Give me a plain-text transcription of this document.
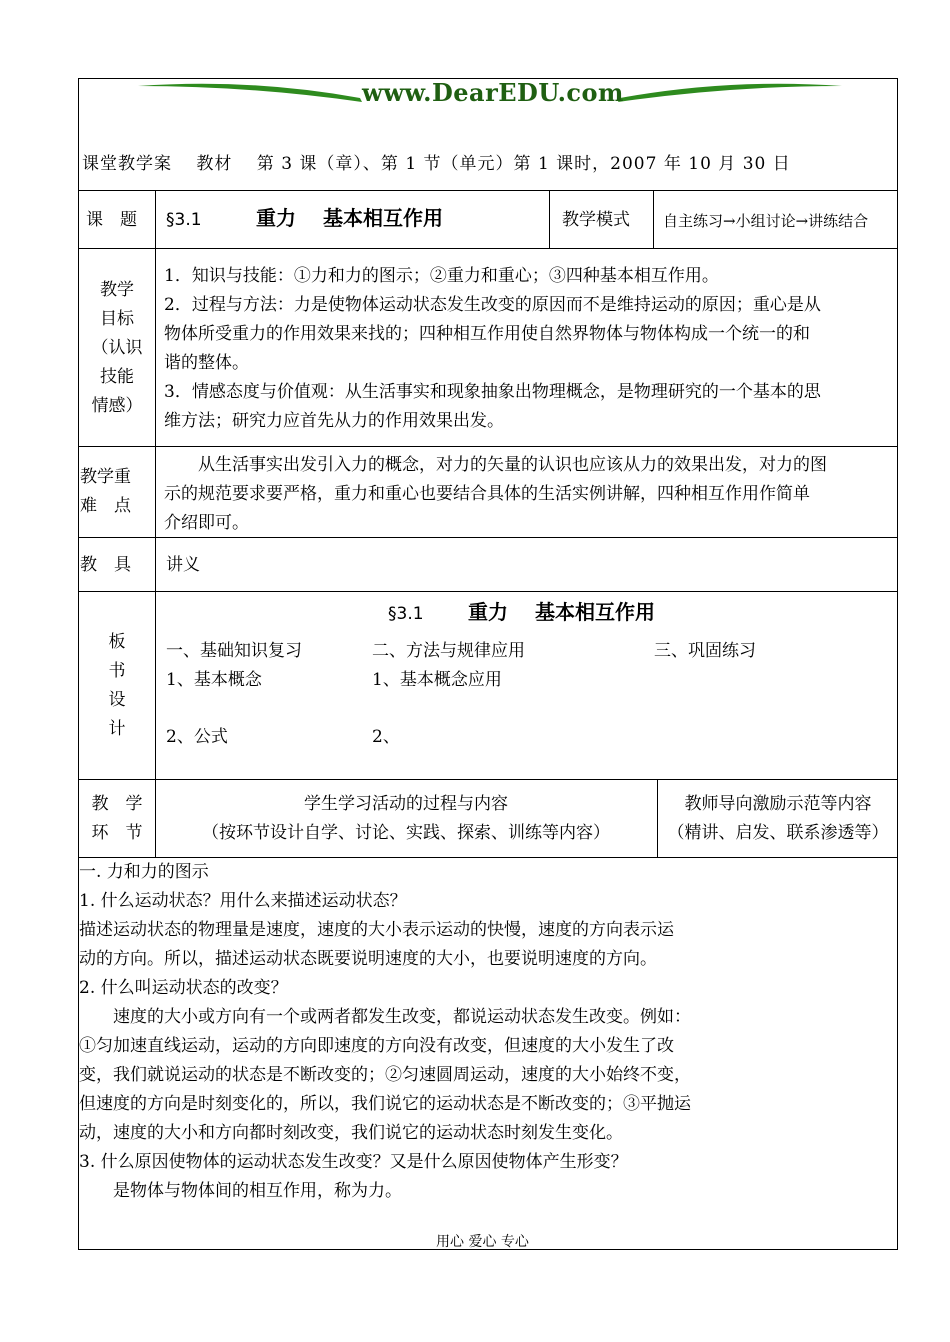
www.DearEDU.com
课堂教学案　 教材　 第 3 课（章）、第 1 节（单元）第 1 课时，2007 年 10 月 30 日
课　题 §3.1	重力　 基本相互作用	教学模式 自主练习→小组讨论→讲练结合
教学
目标
（认识
技能
情感）
1．知识与技能：①力和力的图示；②重力和重心；③四种基本相互作用。
2．过程与方法：力是使物体运动状态发生改变的原因而不是维持运动的原因；重心是从
物体所受重力的作用效果来找的；四种相互作用使自然界物体与物体构成一个统一的和
谐的整体。
3．情感态度与价值观：从生活事实和现象抽象出物理概念，是物理研究的一个基本的思
维方法；研究力应首先从力的作用效果出发。
教学重
难　点
　　从生活事实出发引入力的概念，对力的矢量的认识也应该从力的效果出发，对力的图
示的规范要求要严格，重力和重心也要结合具体的生活实例讲解，四种相互作用作简单
介绍即可。
教　具 讲义
板
书
设
计
§3.1 重力　 基本相互作用
一、基础知识复习
1、基本概念
2、公式
二、方法与规律应用
1、基本概念应用
2、
三、巩固练习
教　学
环　节
学生学习活动的过程与内容
（按环节设计自学、讨论、实践、探索、训练等内容）
教师导向激励示范等内容
（精讲、启发、联系渗透等）
一. 力和力的图示
1. 什么运动状态？用什么来描述运动状态？
描述运动状态的物理量是速度，速度的大小表示运动的快慢，速度的方向表示运
动的方向。所以，描述运动状态既要说明速度的大小，也要说明速度的方向。
2. 什么叫运动状态的改变？
　　速度的大小或方向有一个或两者都发生改变，都说运动状态发生改变。例如：
①匀加速直线运动，运动的方向即速度的方向没有改变，但速度的大小发生了改
变，我们就说运动的状态是不断改变的；②匀速圆周运动，速度的大小始终不变，
但速度的方向是时刻变化的，所以，我们说它的运动状态是不断改变的；③平抛运
动，速度的大小和方向都时刻改变，我们说它的运动状态时刻发生变化。
3. 什么原因使物体的运动状态发生改变？又是什么原因使物体产生形变？
　　是物体与物体间的相互作用，称为力。
用心 爱心 专心
